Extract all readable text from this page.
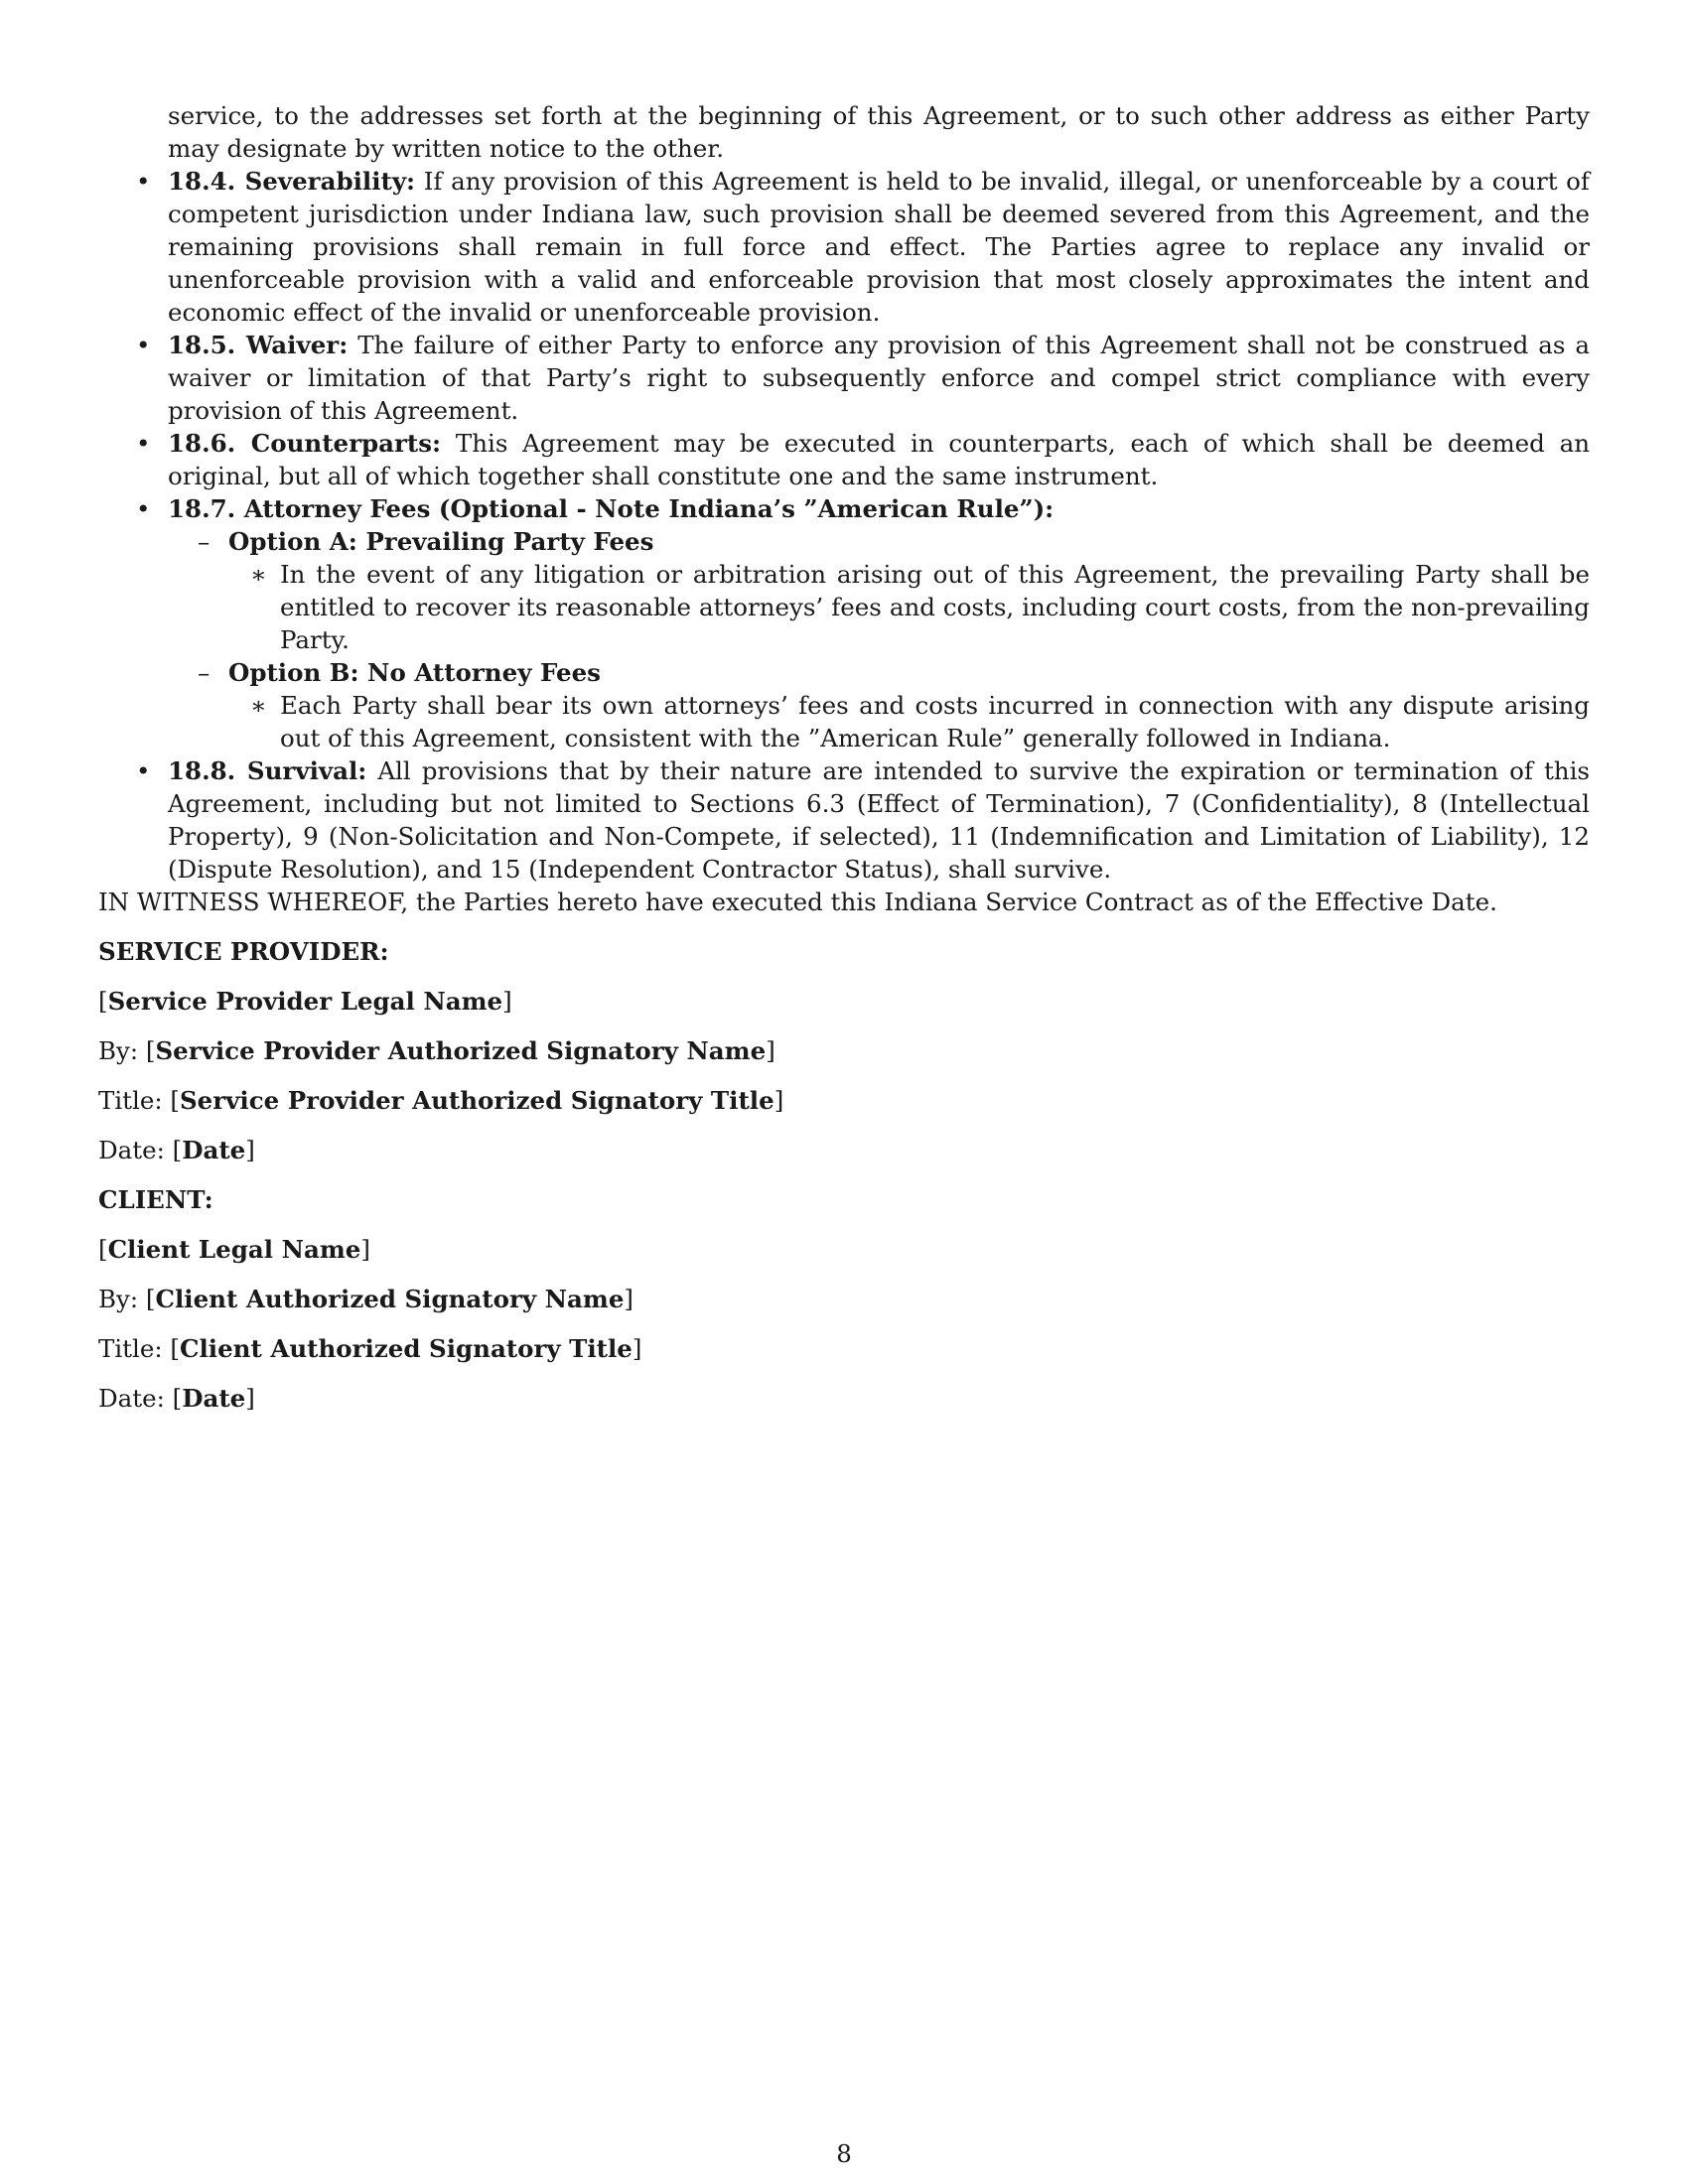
service, to the addresses set forth at the beginning of this Agreement, or to such other address as either Party may designate by written notice to the other.

• 18.4. Severability: If any provision of this Agreement is held to be invalid, illegal, or unenforceable by a court of competent jurisdiction under Indiana law, such provision shall be deemed severed from this Agreement, and the remaining provisions shall remain in full force and effect. The Parties agree to replace any invalid or unenforceable provision with a valid and enforceable provision that most closely approximates the intent and economic effect of the invalid or unenforceable provision.
• 18.5. Waiver: The failure of either Party to enforce any provision of this Agreement shall not be construed as a waiver or limitation of that Party’s right to subsequently enforce and compel strict compliance with every provision of this Agreement.
• 18.6. Counterparts: This Agreement may be executed in counterparts, each of which shall be deemed an original, but all of which together shall constitute one and the same instrument.
• 18.7. Attorney Fees (Optional - Note Indiana’s ”American Rule”):
– Option A: Prevailing Party Fees
∗ In the event of any litigation or arbitration arising out of this Agreement, the prevailing Party shall be entitled to recover its reasonable attorneys’ fees and costs, including court costs, from the non-prevailing Party.
– Option B: No Attorney Fees
∗ Each Party shall bear its own attorneys’ fees and costs incurred in connection with any dispute arising out of this Agreement, consistent with the ”American Rule” generally followed in Indiana.
• 18.8. Survival: All provisions that by their nature are intended to survive the expiration or termination of this Agreement, including but not limited to Sections 6.3 (Effect of Termination), 7 (Confidentiality), 8 (Intellectual Property), 9 (Non-Solicitation and Non-Compete, if selected), 11 (Indemnification and Limitation of Liability), 12 (Dispute Resolution), and 15 (Independent Contractor Status), shall survive.

IN WITNESS WHEREOF, the Parties hereto have executed this Indiana Service Contract as of the Effective Date.

SERVICE PROVIDER:

[Service Provider Legal Name]

By: [Service Provider Authorized Signatory Name]

Title: [Service Provider Authorized Signatory Title]

Date: [Date]

CLIENT:

[Client Legal Name]

By: [Client Authorized Signatory Name]

Title: [Client Authorized Signatory Title]

Date: [Date]

8
